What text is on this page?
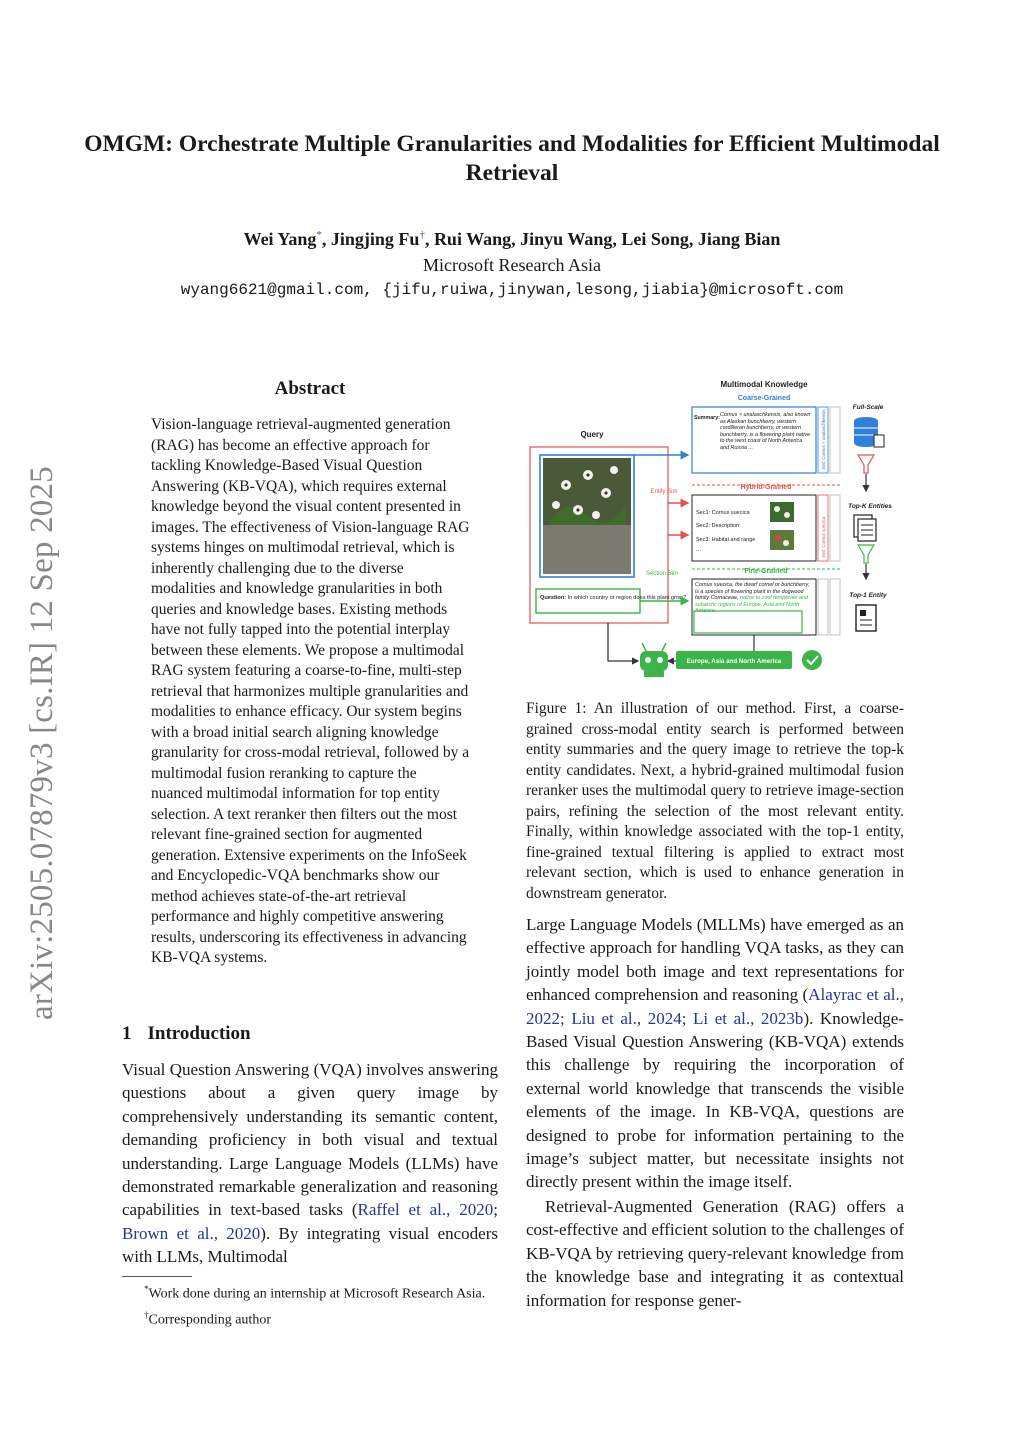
OMGM: Orchestrate Multiple Granularities and Modalities for Efficient Multimodal Retrieval
Wei Yang*, Jingjing Fu†, Rui Wang, Jinyu Wang, Lei Song, Jiang Bian
Microsoft Research Asia
wyang6621@gmail.com, {jifu,ruiwa,jinywan,lesong,jiabia}@microsoft.com
arXiv:2505.07879v3 [cs.IR] 12 Sep 2025
Abstract
Vision-language retrieval-augmented generation (RAG) has become an effective approach for tackling Knowledge-Based Visual Question Answering (KB-VQA), which requires external knowledge beyond the visual content presented in images. The effectiveness of Vision-language RAG systems hinges on multimodal retrieval, which is inherently challenging due to the diverse modalities and knowledge granularities in both queries and knowledge bases. Existing methods have not fully tapped into the potential interplay between these elements. We propose a multimodal RAG system featuring a coarse-to-fine, multi-step retrieval that harmonizes multiple granularities and modalities to enhance efficacy. Our system begins with a broad initial search aligning knowledge granularity for cross-modal retrieval, followed by a multimodal fusion reranking to capture the nuanced multimodal information for top entity selection. A text reranker then filters out the most relevant fine-grained section for augmented generation. Extensive experiments on the InfoSeek and Encyclopedic-VQA benchmarks show our method achieves state-of-the-art retrieval performance and highly competitive answering results, underscoring its effectiveness in advancing KB-VQA systems.
1 Introduction

Visual Question Answering (VQA) involves answering questions about a given query image by comprehensively understanding its semantic content, demanding proficiency in both visual and textual understanding. Large Language Models (LLMs) have demonstrated remarkable generalization and reasoning capabilities in text-based tasks (Raffel et al., 2020; Brown et al., 2020). By integrating visual encoders with LLMs, Multimodal

*Work done during an internship at Microsoft Research Asia.

†Corresponding author

Multimodal Knowledge
Coarse-Grained
Query
Question: In which country or region does this plant grow?
Entity Sim
Section Sim
Summary: Cornus × unalaschkensis, also known as Alaskan bunchberry, western cordilleran bunchberry, or western bunchberry, is a flowering plant native to the west coast of North America and Russia ...	Ent: Cornus × unalaschkensis
Hybrid-Grained
Sec1: Cornus suecica
Sec2: Description
Sec3: Habitat and range
...	Ent: Cornus suecica
Fine-Grained
Cornus suecica, the dwarf cornel or bunchberry, is a species of flowering plant in the dogwood family Cornaceae, native to cool temperate and subarctic regions of Europe, Asia and North America
Full-Scale
Top-K Entities
Top-1 Entity
Europe, Asia and North America
Figure 1: An illustration of our method. First, a coarse-grained cross-modal entity search is performed between entity summaries and the query image to retrieve the top-k entity candidates. Next, a hybrid-grained multimodal fusion reranker uses the multimodal query to retrieve image-section pairs, refining the selection of the most relevant entity. Finally, within knowledge associated with the top-1 entity, fine-grained textual filtering is applied to extract most relevant section, which is used to enhance generation in downstream generator.

Large Language Models (MLLMs) have emerged as an effective approach for handling VQA tasks, as they can jointly model both image and text representations for enhanced comprehension and reasoning (Alayrac et al., 2022; Liu et al., 2024; Li et al., 2023b). Knowledge-Based Visual Question Answering (KB-VQA) extends this challenge by requiring the incorporation of external world knowledge that transcends the visible elements of the image. In KB-VQA, questions are designed to probe for information pertaining to the image’s subject matter, but necessitate insights not directly present within the image itself.

Retrieval-Augmented Generation (RAG) offers a cost-effective and efficient solution to the challenges of KB-VQA by retrieving query-relevant knowledge from the knowledge base and integrating it as contextual information for response gener-
